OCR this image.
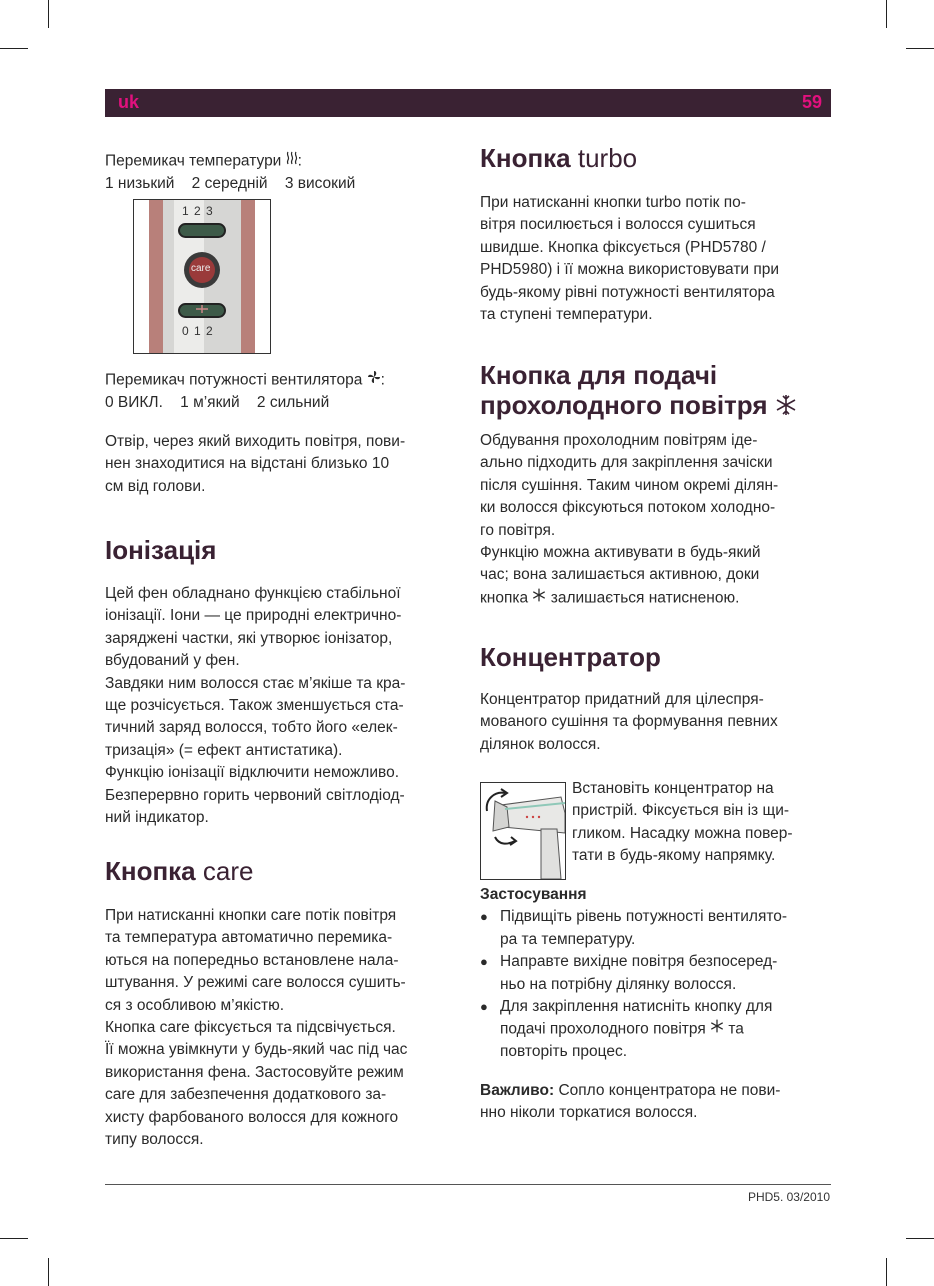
uk	59

Перемикач температури :

1 низький 2 середній 3 високий

1 2 3
care
0 1 2

Перемикач потужності вентилятора :

0 ВИКЛ. 1 м’який 2 сильний

Отвір, через який виходить повітря, пови-

нен знаходитися на відстані близько 10

см від голови.

Іонізація

Цей фен обладнано функцією стабільної

іонізації. Іони — це природні електрично-

заряджені частки, які утворює іонізатор,

вбудований у фен.

Завдяки ним волосся стає м’якіше та кра-

ще розчісується. Також зменшується ста-

тичний заряд волосся, тобто його «елек-

тризація» (= ефект антистатика).

Функцію іонізації відключити неможливо.

Безперервно горить червоний світлодіод-

ний індикатор.

Кнопка care

При натисканні кнопки care потік повітря

та температура автоматично перемика-

ються на попередньо встановлене нала-

штування. У режимі care волосся сушить-

ся з особливою м’якістю.

Кнопка care фіксується та підсвічується.

Її можна увімкнути у будь-який час під час

використання фена. Застосовуйте режим

care для забезпечення додаткового за-

хисту фарбованого волосся для кожного

типу волосся.

Кнопка turbo

При натисканні кнопки turbo потік по-

вітря посилюється і волосся сушиться

швидше. Кнопка фіксується (PHD5780 /

PHD5980) і її можна використовувати при

будь-якому рівні потужності вентилятора

та ступені температури.

Кнопка для подачі

прохолодного повітря

Обдування прохолодним повітрям іде-

ально підходить для закріплення зачіски

після сушіння. Таким чином окремі ділян-

ки волосся фіксуються потоком холодно-

го повітря.

Функцію можна активувати в будь-який

час; вона залишається активною, доки

кнопка залишається натисненою.

Концентратор

Концентратор придатний для цілеспря-

мованого сушіння та формування певних

ділянок волосся.

Встановіть концентратор на

пристрій. Фіксується він із щи-

гликом. Насадку можна повер-

тати в будь-якому напрямку.

Застосування

● Підвищіть рівень потужності вентилято-
ра та температуру.
● Направте вихідне повітря безпосеред-
ньо на потрібну ділянку волосся.
● Для закріплення натисніть кнопку для
подачі прохолодного повітря та
повторіть процес.

Важливо: Сопло концентратора не пови-

нно ніколи торкатися волосся.

PHD5. 03/2010
